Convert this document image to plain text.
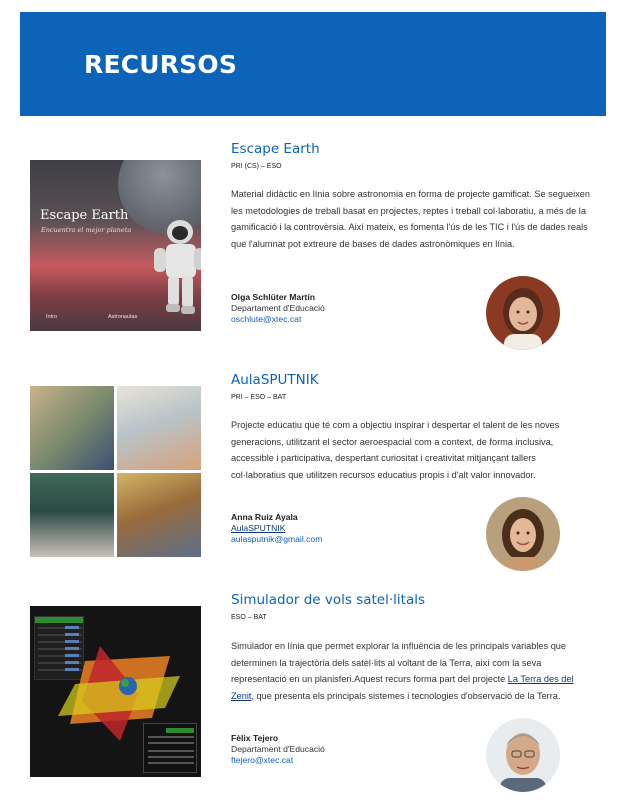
RECURSOS
Escape Earth
Encuentra el mejor planeta
Intro	Astronautas
Escape Earth
PRI (CS) – ESO
Material didàctic en línia sobre astronomia en forma de projecte gamificat. Se segueixen les metodologies de treball basat en projectes, reptes i treball col·laboratiu, a més de la gamificació i la controvèrsia. Així mateix, es fomenta l'ús de les TIC i l'ús de dades reals que l'alumnat pot extreure de bases de dades astronòmiques en línia.
Olga Schlüter Martín
Departament d'Educació
oschlute@xtec.cat
AulaSPUTNIK
PRI – ESO – BAT
Projecte educatiu que té com a objectiu inspirar i despertar el talent de les noves generacions, utilitzant el sector aeroespacial com a context, de forma inclusiva, accessible i participativa, despertant curiositat i creativitat mitjançant tallers col·laboratius que utilitzen recursos educatius propis i d'alt valor innovador.
Anna Ruiz Ayala
AulaSPUTNIK
aulasputnik@gmail.com
Simulador de vols satel·litals
ESO – BAT
Simulador en línia que permet explorar la influència de les principals variables que determinen la trajectòria dels satèl·lits al voltant de la Terra, així com la seva representació en un planisferi.Aquest recurs forma part del projecte La Terra des del Zenit, que presenta els principals sistemes i tecnologies d'observació de la Terra.
Fèlix Tejero
Departament d'Educació
ftejero@xtec.cat
